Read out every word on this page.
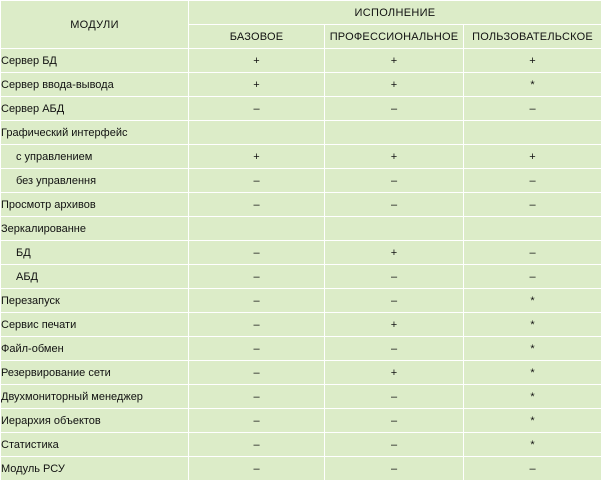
МОДУЛИ	ИСПОЛНЕНИЕ		
	БАЗОВОЕ	ПРОФЕССИОНАЛЬНОЕ	ПОЛЬЗОВАТЕЛЬСКОЕ
Сервер БД	+	+	+
Сервер ввода-вывода	+	+	*
Сервер АБД	–	–	–
Графический интерфейс			
с управлением	+	+	+
без управлення	–	–	–
Просмотр архивов	–	–	–
Зеркалированне			
БД	–	+	–
АБД	–	–	–
Перезапуск	–	–	*
Сервис печати	–	+	*
Файл-обмен	–	–	*
Резервирование сети	–	+	*
Двухмониторный менеджер	–	–	*
Иерархия объектов	–	–	*
Статистика	–	–	*
Модуль РСУ	–	–	–
